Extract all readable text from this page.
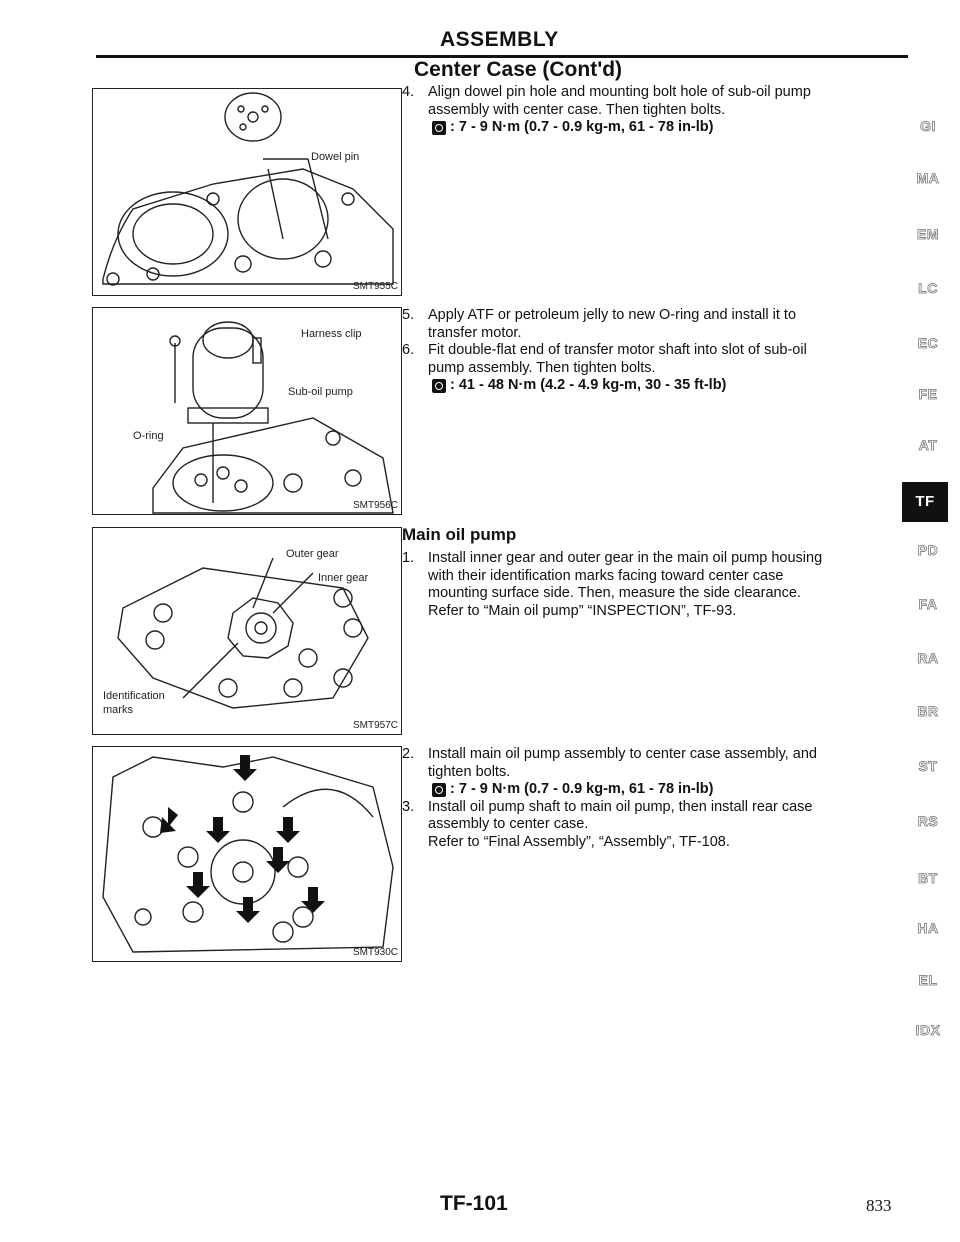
ASSEMBLY
Center Case (Cont'd)
Dowel pin
SMT955C
Harness clip
Sub-oil pump
O-ring
SMT956C
Outer gear
Inner gear
Identification
marks
SMT957C
SMT930C
4. Align dowel pin hole and mounting bolt hole of sub-oil pump
assembly with center case. Then tighten bolts.
: 7 - 9 N·m (0.7 - 0.9 kg-m, 61 - 78 in-lb)
5. Apply ATF or petroleum jelly to new O-ring and install it to
transfer motor.
6. Fit double-flat end of transfer motor shaft into slot of sub-oil
pump assembly. Then tighten bolts.
: 41 - 48 N·m (4.2 - 4.9 kg-m, 30 - 35 ft-lb)
Main oil pump
1. Install inner gear and outer gear in the main oil pump housing
with their identification marks facing toward center case
mounting surface side. Then, measure the side clearance.
Refer to “Main oil pump” “INSPECTION”, TF-93.
2. Install main oil pump assembly to center case assembly, and
tighten bolts.
: 7 - 9 N·m (0.7 - 0.9 kg-m, 61 - 78 in-lb)
3. Install oil pump shaft to main oil pump, then install rear case
assembly to center case.
Refer to “Final Assembly”, “Assembly”, TF-108.
GI
MA
EM
LC
EC
FE
AT
TF
PD
FA
RA
BR
ST
RS
BT
HA
EL
IDX
TF-101	833
